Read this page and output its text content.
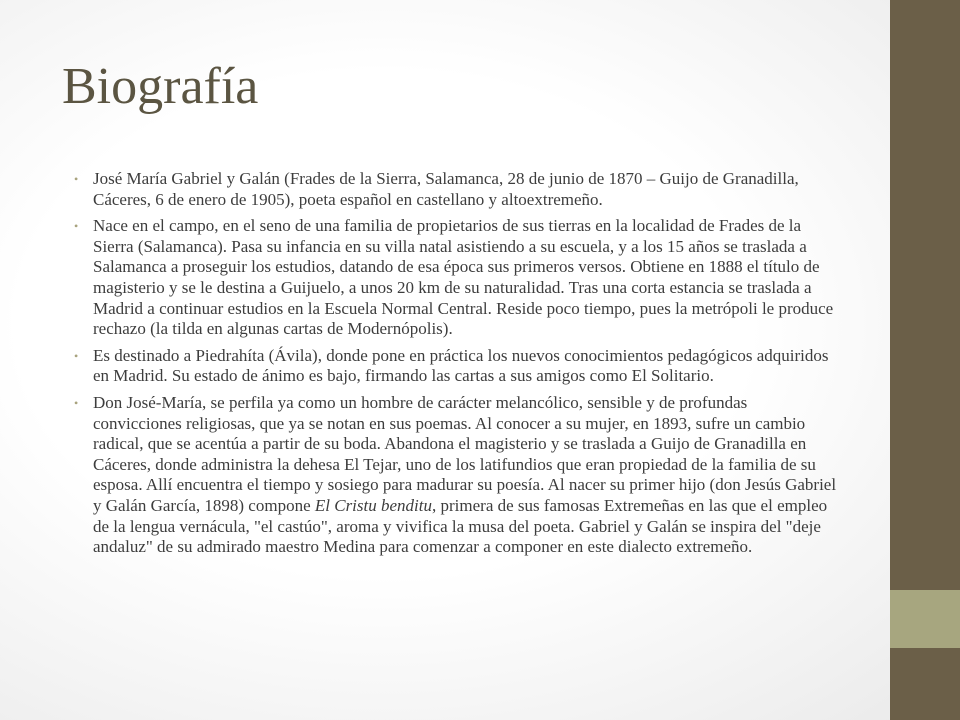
Biografía
• José María Gabriel y Galán (Frades de la Sierra, Salamanca, 28 de junio de 1870 – Guijo de Granadilla, Cáceres, 6 de enero de 1905), poeta español en castellano y altoextremeño.
• Nace en el campo, en el seno de una familia de propietarios de sus tierras en la localidad de Frades de la Sierra (Salamanca). Pasa su infancia en su villa natal asistiendo a su escuela, y a los 15 años se traslada a Salamanca a proseguir los estudios, datando de esa época sus primeros versos. Obtiene en 1888 el título de magisterio y se le destina a Guijuelo, a unos 20 km de su naturalidad. Tras una corta estancia se traslada a Madrid a continuar estudios en la Escuela Normal Central. Reside poco tiempo, pues la metrópoli le produce rechazo (la tilda en algunas cartas de Modernópolis).
• Es destinado a Piedrahíta (Ávila), donde pone en práctica los nuevos conocimientos pedagógicos adquiridos en Madrid. Su estado de ánimo es bajo, firmando las cartas a sus amigos como El Solitario.
• Don José-María, se perfila ya como un hombre de carácter melancólico, sensible y de profundas convicciones religiosas, que ya se notan en sus poemas. Al conocer a su mujer, en 1893, sufre un cambio radical, que se acentúa a partir de su boda. Abandona el magisterio y se traslada a Guijo de Granadilla en Cáceres, donde administra la dehesa El Tejar, uno de los latifundios que eran propiedad de la familia de su esposa. Allí encuentra el tiempo y sosiego para madurar su poesía. Al nacer su primer hijo (don Jesús Gabriel y Galán García, 1898) compone El Cristu benditu, primera de sus famosas Extremeñas en las que el empleo de la lengua vernácula, "el castúo", aroma y vivifica la musa del poeta. Gabriel y Galán se inspira del "deje andaluz" de su admirado maestro Medina para comenzar a componer en este dialecto extremeño.
